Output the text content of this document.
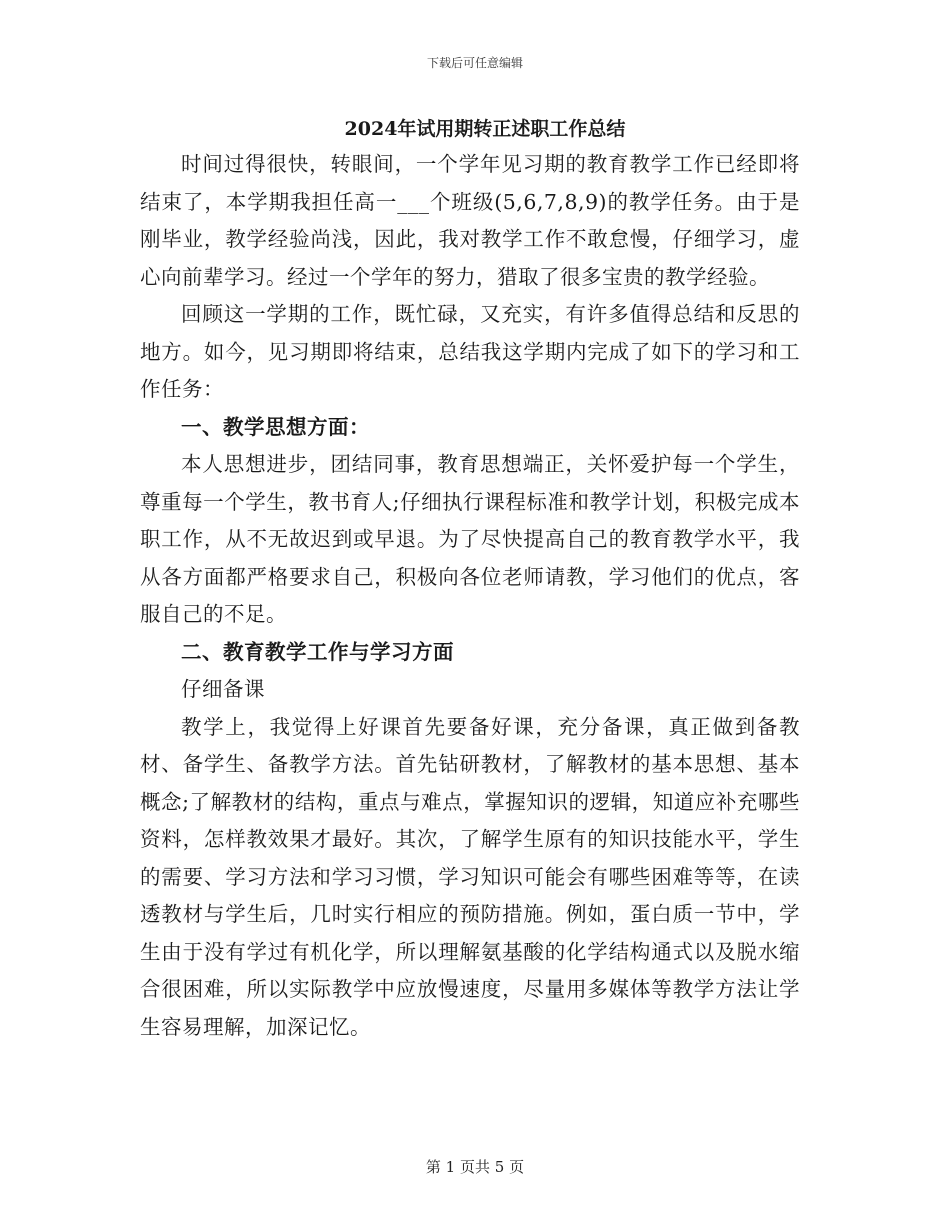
下载后可任意编辑
2024年试用期转正述职工作总结

时间过得很快，转眼间，一个学年见习期的教育教学工作已经即将结束了，本学期我担任高一___个班级(5,6,7,8,9)的教学任务。由于是刚毕业，教学经验尚浅，因此，我对教学工作不敢怠慢，仔细学习，虚心向前辈学习。经过一个学年的努力，猎取了很多宝贵的教学经验。

回顾这一学期的工作，既忙碌，又充实，有许多值得总结和反思的地方。如今，见习期即将结束，总结我这学期内完成了如下的学习和工作任务：

一、教学思想方面：

本人思想进步，团结同事，教育思想端正，关怀爱护每一个学生，尊重每一个学生，教书育人;仔细执行课程标准和教学计划，积极完成本职工作，从不无故迟到或早退。为了尽快提高自己的教育教学水平，我从各方面都严格要求自己，积极向各位老师请教，学习他们的优点，客服自己的不足。

二、教育教学工作与学习方面

仔细备课

教学上，我觉得上好课首先要备好课，充分备课，真正做到备教材、备学生、备教学方法。首先钻研教材，了解教材的基本思想、基本概念;了解教材的结构，重点与难点，掌握知识的逻辑，知道应补充哪些资料，怎样教效果才最好。其次，了解学生原有的知识技能水平，学生的需要、学习方法和学习习惯，学习知识可能会有哪些困难等等，在读透教材与学生后，几时实行相应的预防措施。例如，蛋白质一节中，学生由于没有学过有机化学，所以理解氨基酸的化学结构通式以及脱水缩合很困难，所以实际教学中应放慢速度，尽量用多媒体等教学方法让学生容易理解，加深记忆。

第 1 页共 5 页
